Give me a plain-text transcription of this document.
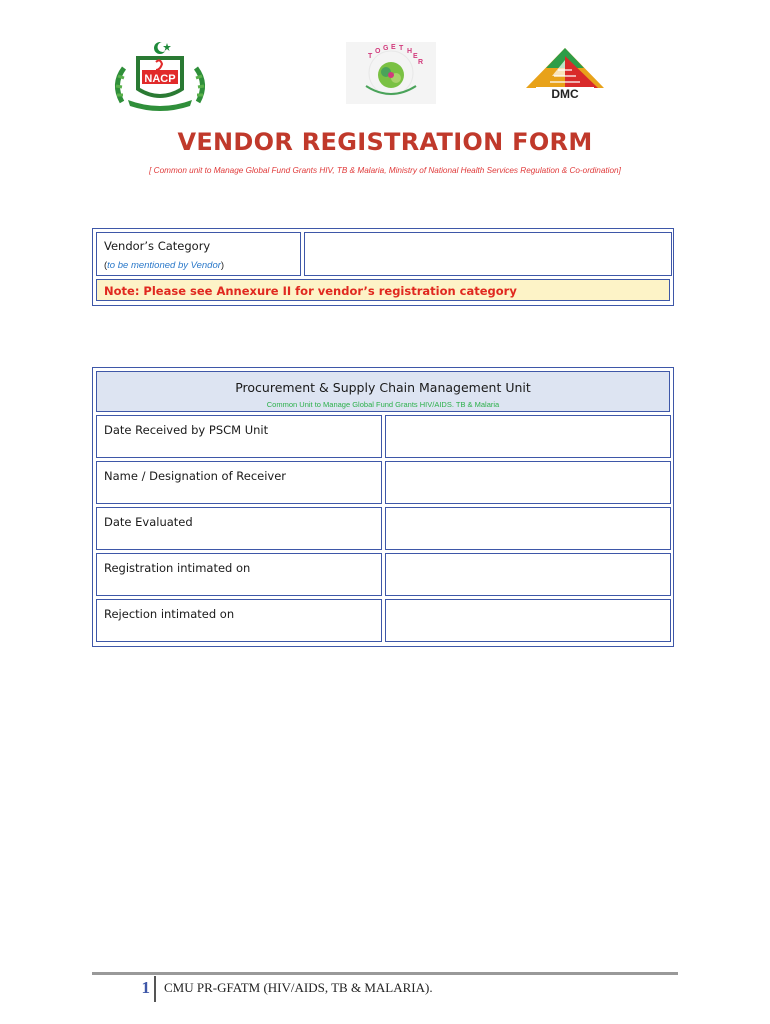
NACP
TO G E T H ER
DMC
VENDOR REGISTRATION FORM
[ Common unit to Manage Global Fund Grants HIV, TB & Malaria, Ministry of National Health Services Regulation & Co-ordination]
Vendor’s Category
(to be mentioned by Vendor)
Note: Please see Annexure II for vendor’s registration category
Procurement & Supply Chain Management Unit
Common Unit to Manage Global Fund Grants HIV/AIDS. TB & Malaria
Date Received by PSCM Unit
Name / Designation of Receiver
Date Evaluated
Registration intimated on
Rejection intimated on
1 CMU PR-GFATM (HIV/AIDS, TB & MALARIA).
